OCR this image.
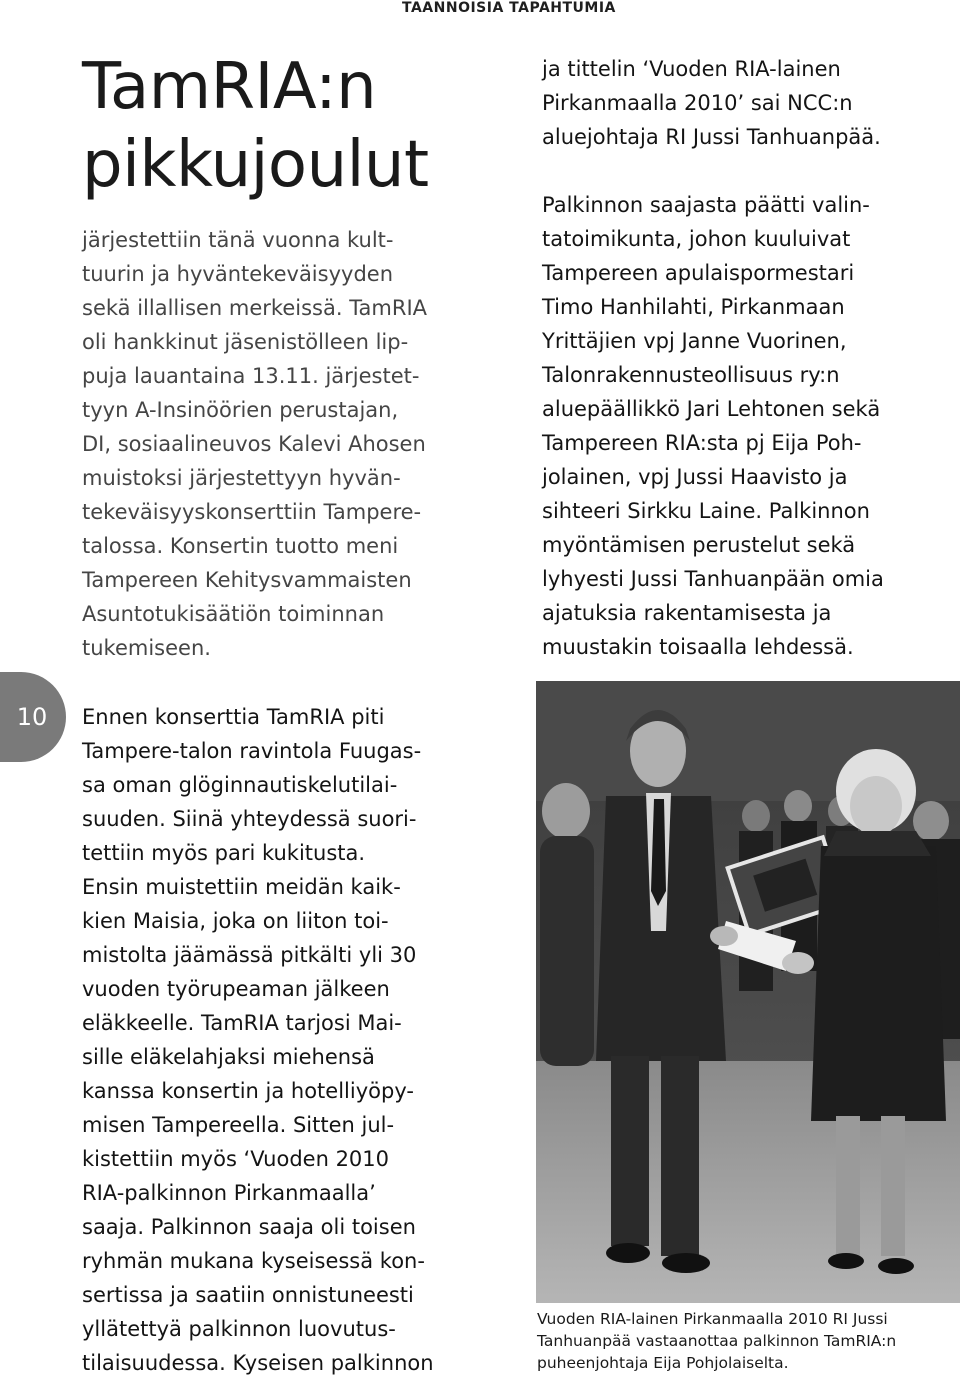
TAANNOISIA TAPAHTUMIA
TamRIA:n
pikkujoulut
järjestettiin tänä vuonna kult-
tuurin ja hyväntekeväisyyden
sekä illallisen merkeissä. TamRIA
oli hankkinut jäsenistölleen lip-
puja lauantaina 13.11. järjestet-
tyyn A-Insinöörien perustajan,
DI, sosiaalineuvos Kalevi Ahosen
muistoksi järjestettyyn hyvän-
tekeväisyyskonserttiin Tampere-
talossa. Konsertin tuotto meni
Tampereen Kehitysvammaisten
Asuntotukisäätiön toiminnan
tukemiseen.
10	Ennen konserttia TamRIA piti
Tampere-talon ravintola Fuugas-
sa oman glöginnautiskelutilai-
suuden. Siinä yhteydessä suori-
tettiin myös pari kukitusta.
Ensin muistettiin meidän kaik-
kien Maisia, joka on liiton toi-
mistolta jäämässä pitkälti yli 30
vuoden työrupeaman jälkeen
eläkkeelle. TamRIA tarjosi Mai-
sille eläkelahjaksi miehensä
kanssa konsertin ja hotelliyöpy-
misen Tampereella. Sitten jul-
kistettiin myös ‘Vuoden 2010
RIA-palkinnon Pirkanmaalla’
saaja. Palkinnon saaja oli toisen
ryhmän mukana kyseisessä kon-
sertissa ja saatiin onnistuneesti
yllätettyä palkinnon luovutus-
tilaisuudessa. Kyseisen palkinnon
ja tittelin ‘Vuoden RIA-lainen
Pirkanmaalla 2010’ sai NCC:n
aluejohtaja RI Jussi Tanhuanpää.
Palkinnon saajasta päätti valin-
tatoimikunta, johon kuuluivat
Tampereen apulaispormestari
Timo Hanhilahti, Pirkanmaan
Yrittäjien vpj Janne Vuorinen,
Talonrakennusteollisuus ry:n
aluepäällikkö Jari Lehtonen sekä
Tampereen RIA:sta pj Eija Poh-
jolainen, vpj Jussi Haavisto ja
sihteeri Sirkku Laine. Palkinnon
myöntämisen perustelut sekä
lyhyesti Jussi Tanhuanpään omia
ajatuksia rakentamisesta ja
muustakin toisaalla lehdessä.
Vuoden RIA-lainen Pirkanmaalla 2010 RI Jussi
Tanhuanpää vastaanottaa palkinnon TamRIA:n
puheenjohtaja Eija Pohjolaiselta.
